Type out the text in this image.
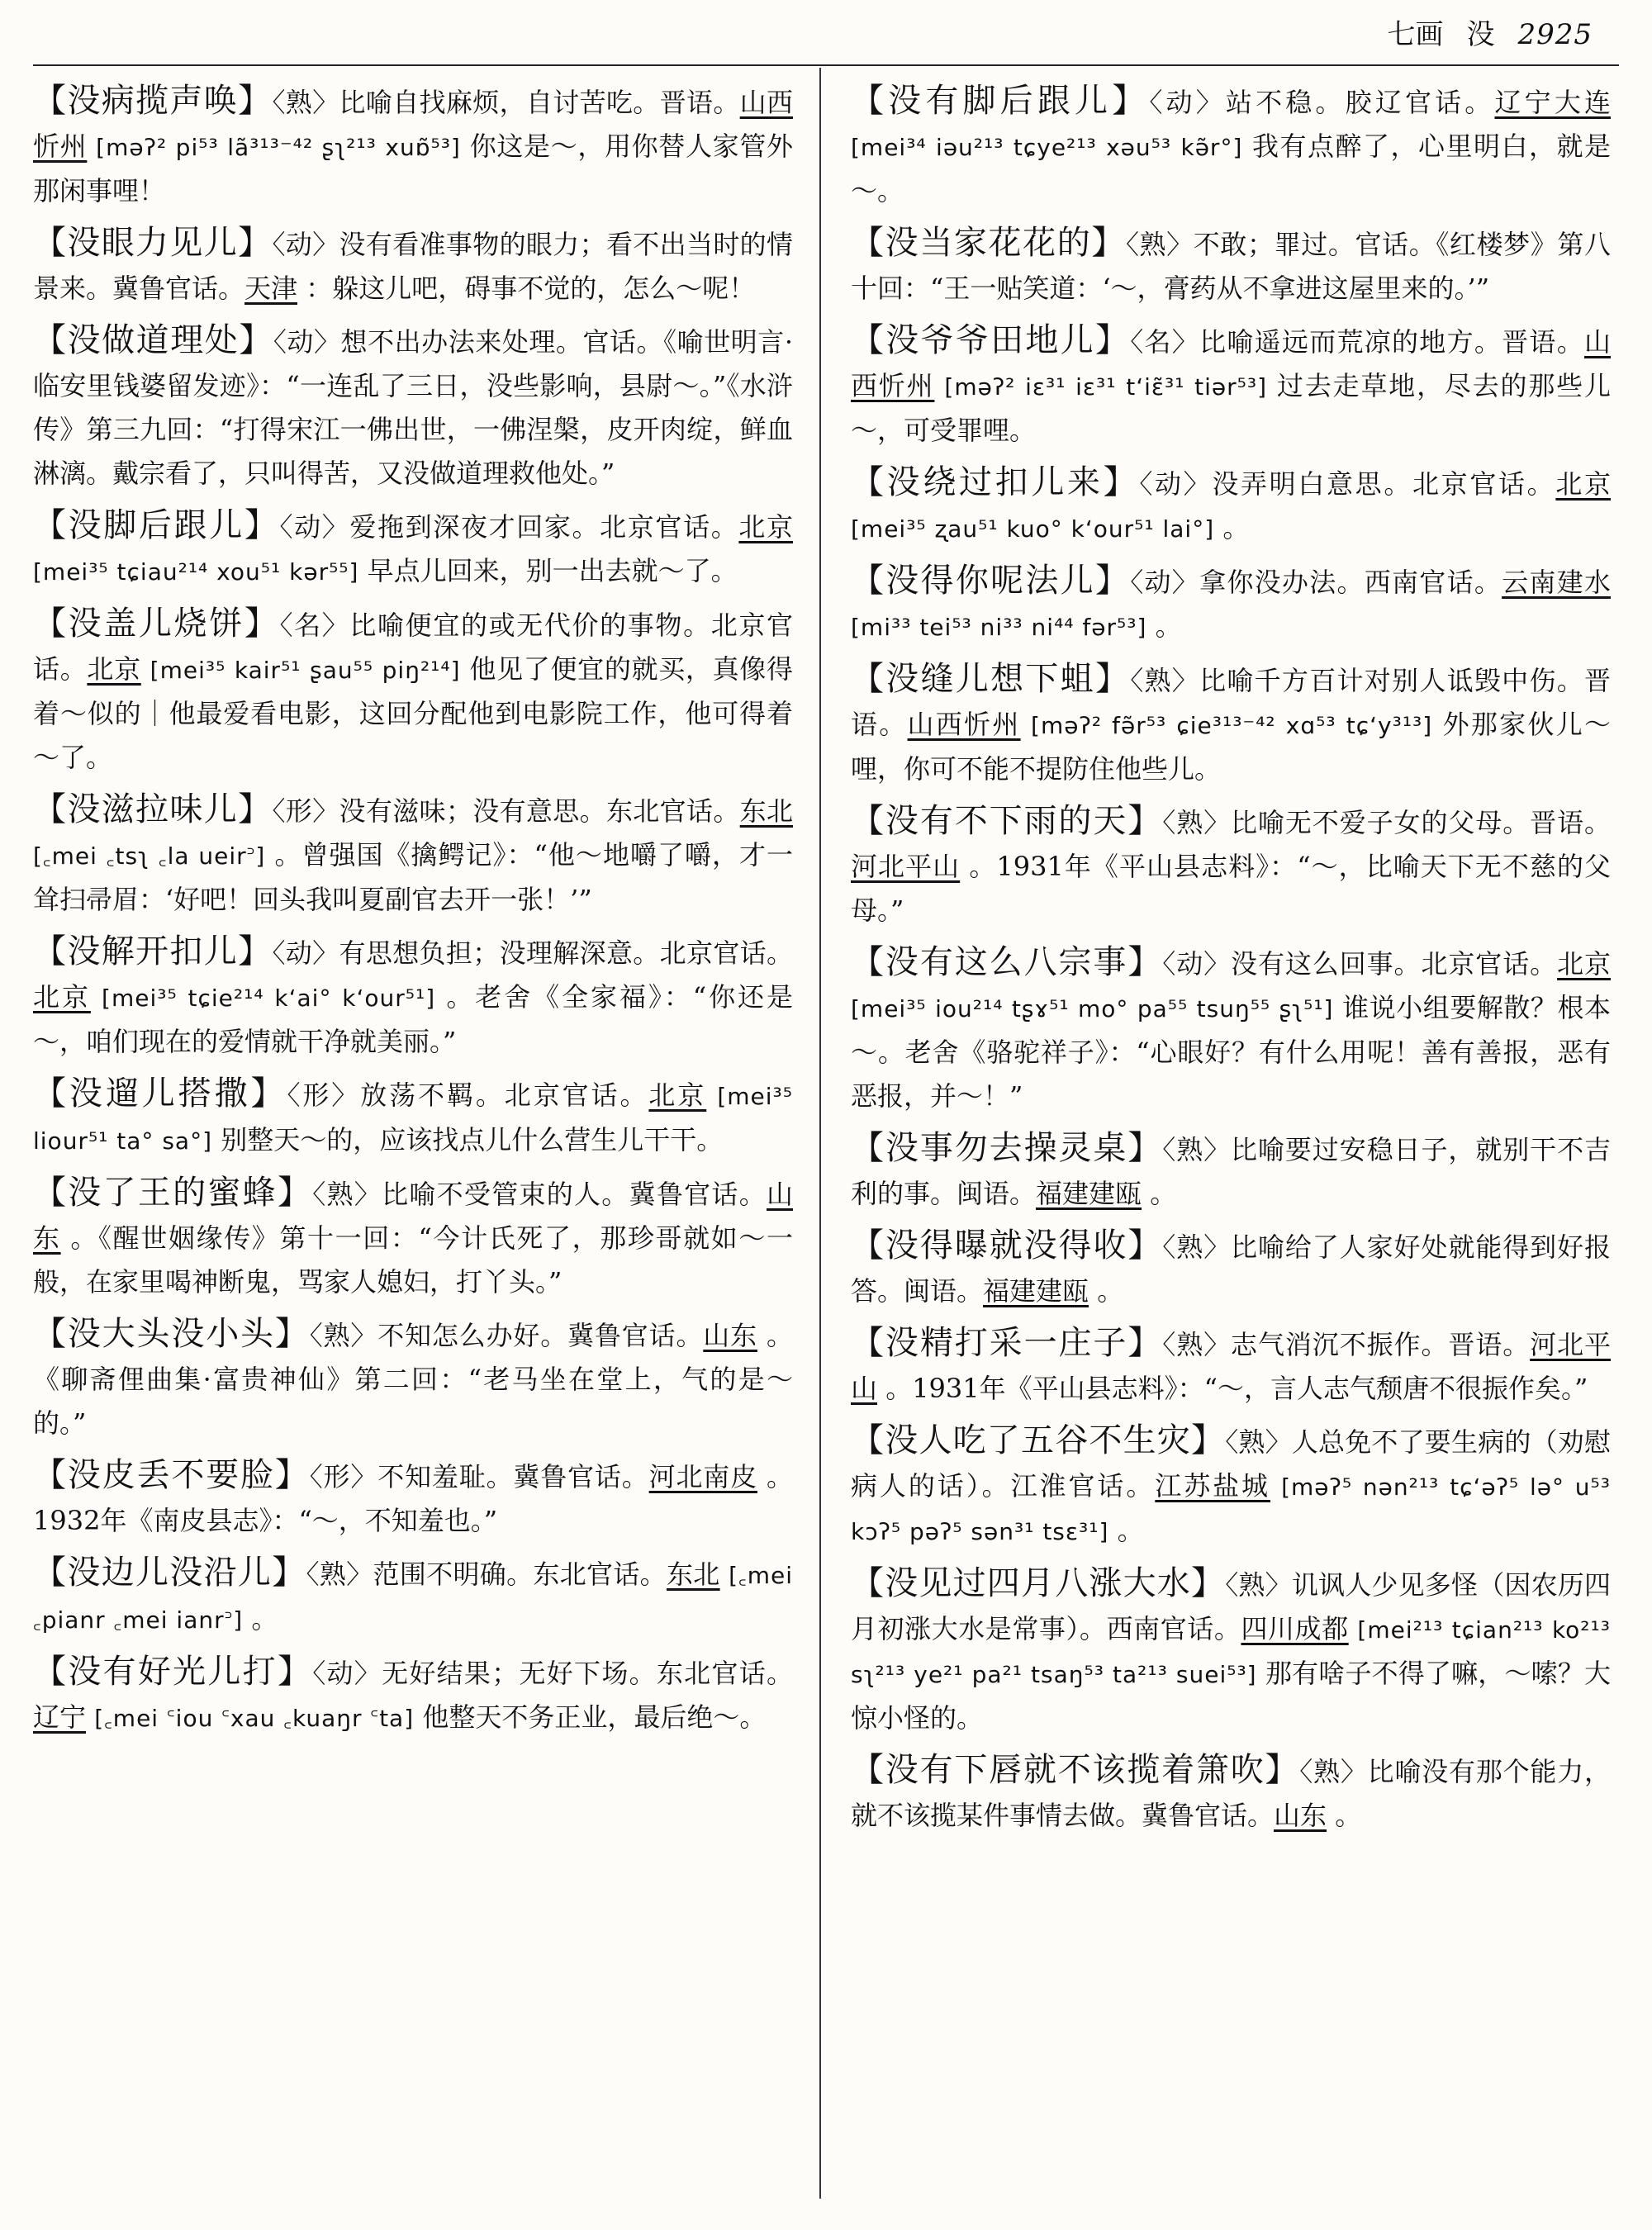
七画 没 2925
【没病揽声唤】〈熟〉比喻自找麻烦，自讨苦吃。晋语。山西忻州 [məʔ² pi⁵³ lã³¹³⁻⁴² ʂʅ²¹³ xuɒ̃⁵³] 你这是～，用你替人家管外那闲事哩！
【没眼力见儿】〈动〉没有看准事物的眼力；看不出当时的情景来。冀鲁官话。天津 ：躲这儿吧，碍事不觉的，怎么～呢！
【没做道理处】〈动〉想不出办法来处理。官话。《喻世明言·临安里钱婆留发迹》：“一连乱了三日，没些影响，县尉～。”《水浒传》第三九回：“打得宋江一佛出世，一佛涅槃，皮开肉绽，鲜血淋漓。戴宗看了，只叫得苦，又没做道理救他处。”
【没脚后跟儿】〈动〉爱拖到深夜才回家。北京官话。北京 [mei³⁵ tɕiau²¹⁴ xou⁵¹ kər⁵⁵] 早点儿回来，别一出去就～了。
【没盖儿烧饼】〈名〉比喻便宜的或无代价的事物。北京官话。北京 [mei³⁵ kair⁵¹ ʂau⁵⁵ piŋ²¹⁴] 他见了便宜的就买，真像得着～似的｜他最爱看电影，这回分配他到电影院工作，他可得着～了。
【没滋拉味儿】〈形〉没有滋味；没有意思。东北官话。东北 [꜀mei ꜀tsʅ ꜀la ueir꜄] 。曾强国《擒鳄记》：“他～地嚼了嚼，才一耸扫帚眉：‘好吧！回头我叫夏副官去开一张！’”
【没解开扣儿】〈动〉有思想负担；没理解深意。北京官话。北京 [mei³⁵ tɕie²¹⁴ kʻai° kʻour⁵¹] 。老舍《全家福》：“你还是～，咱们现在的爱情就干净就美丽。”
【没遛儿搭撒】〈形〉放荡不羁。北京官话。北京 [mei³⁵ liour⁵¹ ta° sa°] 别整天～的，应该找点儿什么营生儿干干。
【没了王的蜜蜂】〈熟〉比喻不受管束的人。冀鲁官话。山东 。《醒世姻缘传》第十一回：“今计氏死了，那珍哥就如～一般，在家里喝神断鬼，骂家人媳妇，打丫头。”
【没大头没小头】〈熟〉不知怎么办好。冀鲁官话。山东 。《聊斋俚曲集·富贵神仙》第二回：“老马坐在堂上，气的是～的。”
【没皮丢不要脸】〈形〉不知羞耻。冀鲁官话。河北南皮 。1932年《南皮县志》：“～，不知羞也。”
【没边儿没沿儿】〈熟〉范围不明确。东北官话。东北 [꜀mei ꜀pianr ꜀mei ianr꜄] 。
【没有好光儿打】〈动〉无好结果；无好下场。东北官话。辽宁 [꜀mei ꜂iou ꜂xau ꜀kuaŋr ꜂ta] 他整天不务正业，最后绝～。
【没有脚后跟儿】〈动〉站不稳。胶辽官话。辽宁大连 [mei³⁴ iəu²¹³ tɕye²¹³ xəu⁵³ kə̃r°] 我有点醉了，心里明白，就是～。
【没当家花花的】〈熟〉不敢；罪过。官话。《红楼梦》第八十回：“王一贴笑道：‘～，膏药从不拿进这屋里来的。’”
【没爷爷田地儿】〈名〉比喻遥远而荒凉的地方。晋语。山西忻州 [məʔ² iɛ³¹ iɛ³¹ tʻiɛ̃³¹ tiər⁵³] 过去走草地，尽去的那些儿～，可受罪哩。
【没绕过扣儿来】〈动〉没弄明白意思。北京官话。北京 [mei³⁵ ʐau⁵¹ kuo° kʻour⁵¹ lai°] 。
【没得你呢法儿】〈动〉拿你没办法。西南官话。云南建水 [mi³³ tei⁵³ ni³³ ni⁴⁴ fər⁵³] 。
【没缝儿想下蛆】〈熟〉比喻千方百计对别人诋毁中伤。晋语。山西忻州 [məʔ² fə̃r⁵³ ɕie³¹³⁻⁴² xɑ⁵³ tɕʻy³¹³] 外那家伙儿～哩，你可不能不提防住他些儿。
【没有不下雨的天】〈熟〉比喻无不爱子女的父母。晋语。河北平山 。1931年《平山县志料》：“～，比喻天下无不慈的父母。”
【没有这么八宗事】〈动〉没有这么回事。北京官话。北京 [mei³⁵ iou²¹⁴ tʂɤ⁵¹ mo° pa⁵⁵ tsuŋ⁵⁵ ʂʅ⁵¹] 谁说小组要解散？根本～。老舍《骆驼祥子》：“心眼好？有什么用呢！善有善报，恶有恶报，并～！”
【没事勿去操灵桌】〈熟〉比喻要过安稳日子，就别干不吉利的事。闽语。福建建瓯 。
【没得曝就没得收】〈熟〉比喻给了人家好处就能得到好报答。闽语。福建建瓯 。
【没精打采一庄子】〈熟〉志气消沉不振作。晋语。河北平山 。1931年《平山县志料》：“～，言人志气颓唐不很振作矣。”
【没人吃了五谷不生灾】〈熟〉人总免不了要生病的（劝慰病人的话）。江淮官话。江苏盐城 [məʔ⁵ nən²¹³ tɕʻəʔ⁵ lə° u⁵³ kɔʔ⁵ pəʔ⁵ sən³¹ tsɛ³¹] 。
【没见过四月八涨大水】〈熟〉讥讽人少见多怪（因农历四月初涨大水是常事）。西南官话。四川成都 [mei²¹³ tɕian²¹³ ko²¹³ sʅ²¹³ ye²¹ pa²¹ tsaŋ⁵³ ta²¹³ suei⁵³] 那有啥子不得了嘛，～嗦？大惊小怪的。
【没有下唇就不该揽着箫吹】〈熟〉比喻没有那个能力，就不该揽某件事情去做。冀鲁官话。山东 。
